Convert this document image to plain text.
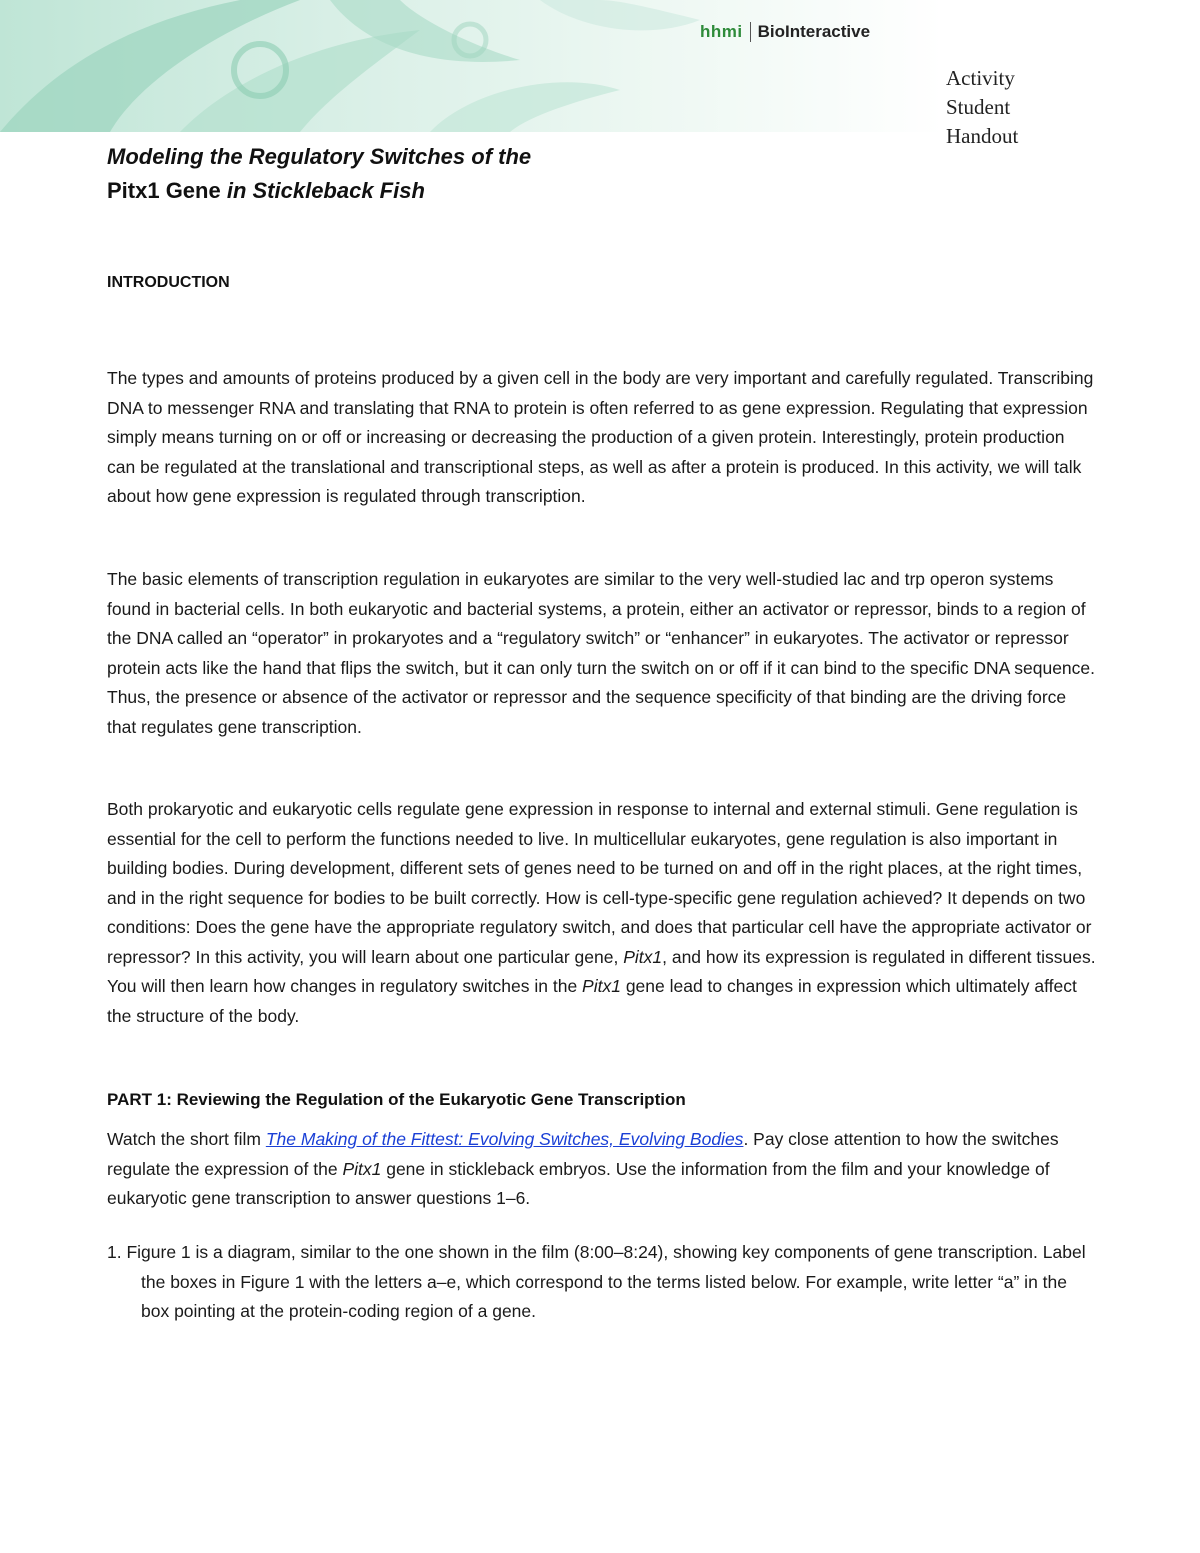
hhmi BioInteractive
Activity
Student
Handout
Modeling the Regulatory Switches of the
Pitx1 Gene in Stickleback Fish
INTRODUCTION

The types and amounts of proteins produced by a given cell in the body are very important and carefully regulated. Transcribing DNA to messenger RNA and translating that RNA to protein is often referred to as gene expression. Regulating that expression simply means turning on or off or increasing or decreasing the production of a given protein. Interestingly, protein production can be regulated at the translational and transcriptional steps, as well as after a protein is produced. In this activity, we will talk about how gene expression is regulated through transcription.

The basic elements of transcription regulation in eukaryotes are similar to the very well-studied lac and trp operon systems found in bacterial cells. In both eukaryotic and bacterial systems, a protein, either an activator or repressor, binds to a region of the DNA called an “operator” in prokaryotes and a “regulatory switch” or “enhancer” in eukaryotes. The activator or repressor protein acts like the hand that flips the switch, but it can only turn the switch on or off if it can bind to the specific DNA sequence. Thus, the presence or absence of the activator or repressor and the sequence specificity of that binding are the driving force that regulates gene transcription.

Both prokaryotic and eukaryotic cells regulate gene expression in response to internal and external stimuli. Gene regulation is essential for the cell to perform the functions needed to live. In multicellular eukaryotes, gene regulation is also important in building bodies. During development, different sets of genes need to be turned on and off in the right places, at the right times, and in the right sequence for bodies to be built correctly. How is cell-type-specific gene regulation achieved? It depends on two conditions: Does the gene have the appropriate regulatory switch, and does that particular cell have the appropriate activator or repressor? In this activity, you will learn about one particular gene, Pitx1, and how its expression is regulated in different tissues. You will then learn how changes in regulatory switches in the Pitx1 gene lead to changes in expression which ultimately affect the structure of the body.

PART 1: Reviewing the Regulation of the Eukaryotic Gene Transcription

Watch the short film The Making of the Fittest: Evolving Switches, Evolving Bodies. Pay close attention to how the switches regulate the expression of the Pitx1 gene in stickleback embryos. Use the information from the film and your knowledge of eukaryotic gene transcription to answer questions 1–6.

1. Figure 1 is a diagram, similar to the one shown in the film (8:00–8:24), showing key components of gene transcription. Label the boxes in Figure 1 with the letters a–e, which correspond to the terms listed below. For example, write letter “a” in the box pointing at the protein-coding region of a gene.
